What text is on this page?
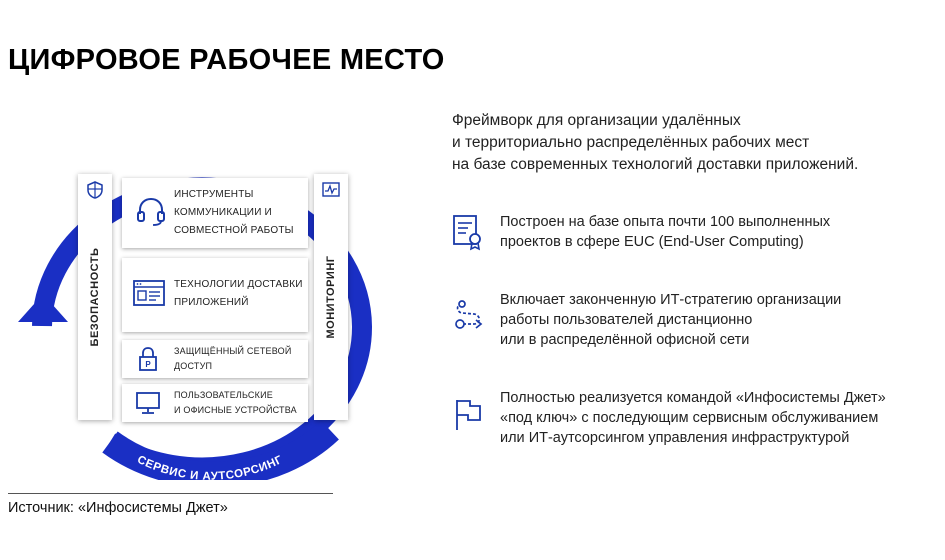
ЦИФРОВОЕ РАБОЧЕЕ МЕСТО
Фреймворк для организации удалённых
и территориально распределённых рабочих мест
на базе современных технологий доставки приложений.
Построен на базе опыта почти 100 выполненных
проектов в сфере EUC (End-User Computing)
Включает законченную ИТ-стратегию организации
работы пользователей дистанционно
или в распределённой офисной сети
Полностью реализуется командой «Инфосистемы Джет»
«под ключ» с последующим сервисным обслуживанием
или ИТ-аутсорсингом управления инфраструктурой
СЕРВИС И АУТСОРСИНГ
БЕЗОПАСНОСТЬ	МОНИТОРИНГ
ИНСТРУМЕНТЫ
КОММУНИКАЦИИ И
СОВМЕСТНОЙ РАБОТЫ
ТЕХНОЛОГИИ ДОСТАВКИ
ПРИЛОЖЕНИЙ
P
ЗАЩИЩЁННЫЙ СЕТЕВОЙ
ДОСТУП
ПОЛЬЗОВАТЕЛЬСКИЕ
И ОФИСНЫЕ УСТРОЙСТВА
Источник: «Инфосистемы Джет»
